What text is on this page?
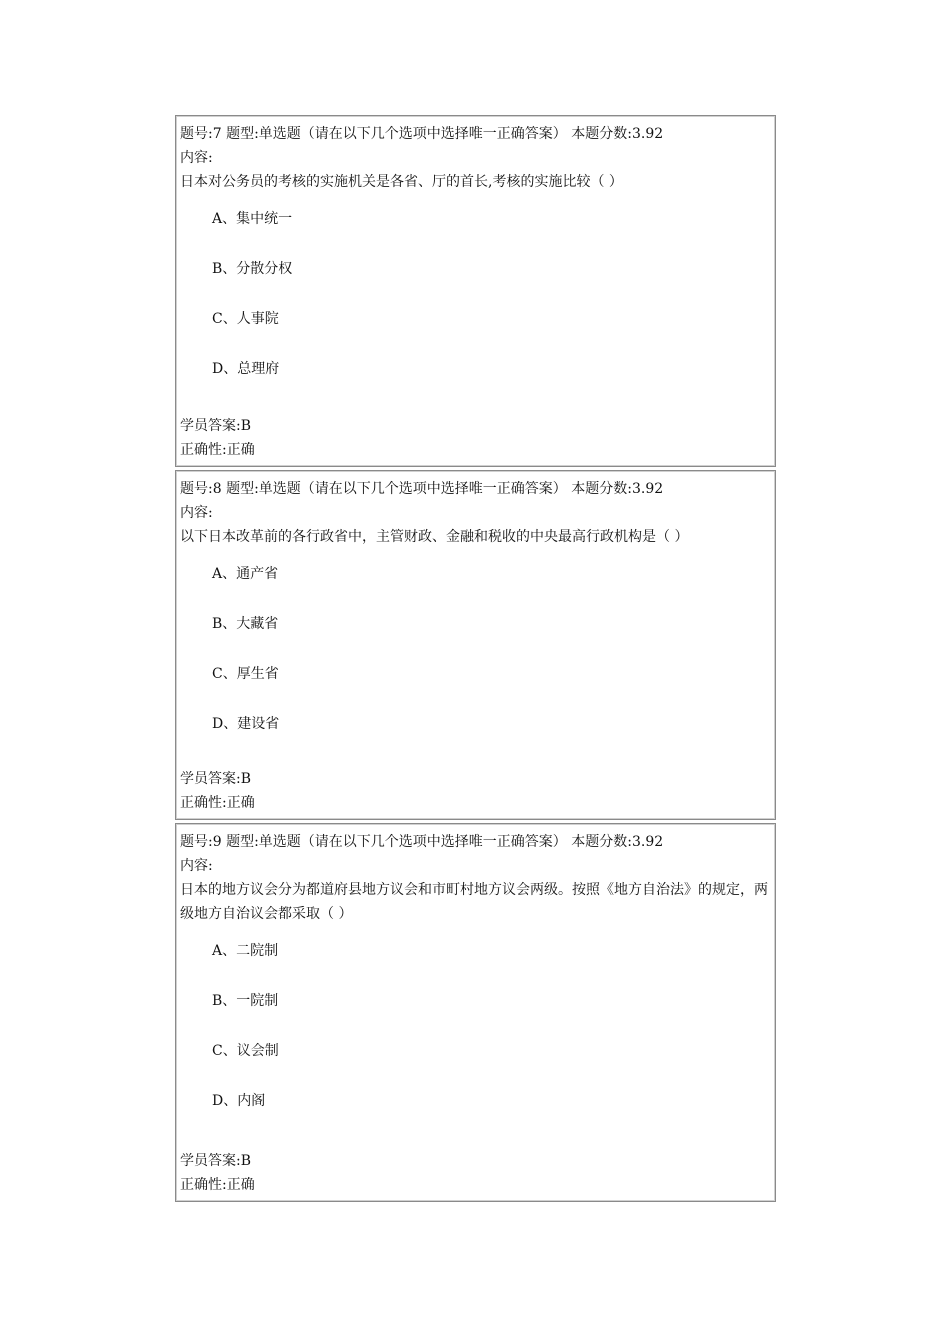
题号:7 题型:单选题（请在以下几个选项中选择唯一正确答案） 本题分数:3.92
内容:
日本对公务员的考核的实施机关是各省、厅的首长,考核的实施比较（ ）
A、集中统一
B、分散分权
C、人事院
D、总理府
学员答案:B
正确性:正确
题号:8 题型:单选题（请在以下几个选项中选择唯一正确答案） 本题分数:3.92
内容:
以下日本改革前的各行政省中，主管财政、金融和税收的中央最高行政机构是（ ）
A、通产省
B、大藏省
C、厚生省
D、建设省
学员答案:B
正确性:正确
题号:9 题型:单选题（请在以下几个选项中选择唯一正确答案） 本题分数:3.92
内容:
日本的地方议会分为都道府县地方议会和市町村地方议会两级。按照《地方自治法》的规定，两级地方自治议会都采取（ ）
A、二院制
B、一院制
C、议会制
D、内阁
学员答案:B
正确性:正确
